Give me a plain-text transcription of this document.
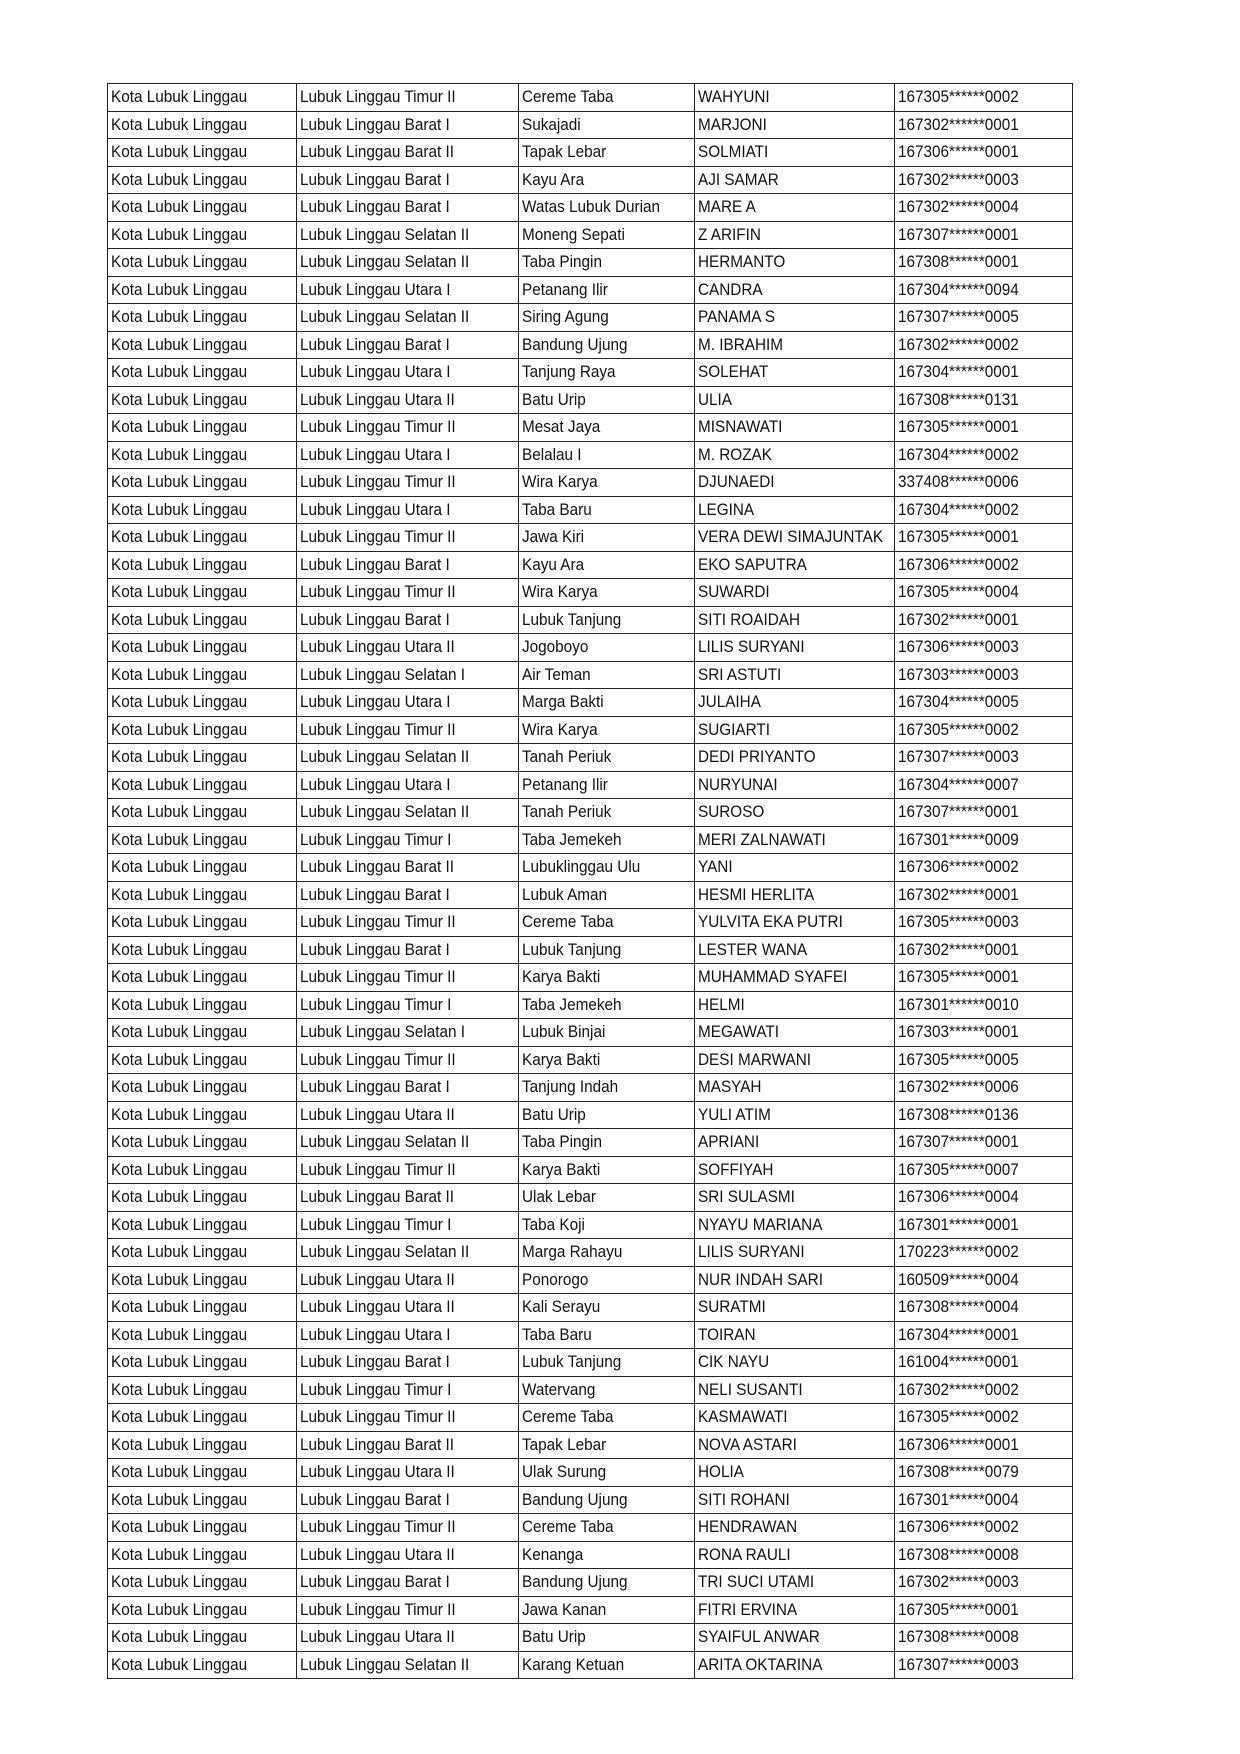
Kota Lubuk Linggau	Lubuk Linggau Timur II	Cereme Taba	WAHYUNI	167305******0002
Kota Lubuk Linggau	Lubuk Linggau Barat I	Sukajadi	MARJONI	167302******0001
Kota Lubuk Linggau	Lubuk Linggau Barat II	Tapak Lebar	SOLMIATI	167306******0001
Kota Lubuk Linggau	Lubuk Linggau Barat I	Kayu Ara	AJI SAMAR	167302******0003
Kota Lubuk Linggau	Lubuk Linggau Barat I	Watas Lubuk Durian	MARE A	167302******0004
Kota Lubuk Linggau	Lubuk Linggau Selatan II	Moneng Sepati	Z ARIFIN	167307******0001
Kota Lubuk Linggau	Lubuk Linggau Selatan II	Taba Pingin	HERMANTO	167308******0001
Kota Lubuk Linggau	Lubuk Linggau Utara I	Petanang Ilir	CANDRA	167304******0094
Kota Lubuk Linggau	Lubuk Linggau Selatan II	Siring Agung	PANAMA S	167307******0005
Kota Lubuk Linggau	Lubuk Linggau Barat I	Bandung Ujung	M. IBRAHIM	167302******0002
Kota Lubuk Linggau	Lubuk Linggau Utara I	Tanjung Raya	SOLEHAT	167304******0001
Kota Lubuk Linggau	Lubuk Linggau Utara II	Batu Urip	ULIA	167308******0131
Kota Lubuk Linggau	Lubuk Linggau Timur II	Mesat Jaya	MISNAWATI	167305******0001
Kota Lubuk Linggau	Lubuk Linggau Utara I	Belalau I	M. ROZAK	167304******0002
Kota Lubuk Linggau	Lubuk Linggau Timur II	Wira Karya	DJUNAEDI	337408******0006
Kota Lubuk Linggau	Lubuk Linggau Utara I	Taba Baru	LEGINA	167304******0002
Kota Lubuk Linggau	Lubuk Linggau Timur II	Jawa Kiri	VERA DEWI SIMAJUNTAK	167305******0001
Kota Lubuk Linggau	Lubuk Linggau Barat I	Kayu Ara	EKO SAPUTRA	167306******0002
Kota Lubuk Linggau	Lubuk Linggau Timur II	Wira Karya	SUWARDI	167305******0004
Kota Lubuk Linggau	Lubuk Linggau Barat I	Lubuk Tanjung	SITI ROAIDAH	167302******0001
Kota Lubuk Linggau	Lubuk Linggau Utara II	Jogoboyo	LILIS SURYANI	167306******0003
Kota Lubuk Linggau	Lubuk Linggau Selatan I	Air Teman	SRI ASTUTI	167303******0003
Kota Lubuk Linggau	Lubuk Linggau Utara I	Marga Bakti	JULAIHA	167304******0005
Kota Lubuk Linggau	Lubuk Linggau Timur II	Wira Karya	SUGIARTI	167305******0002
Kota Lubuk Linggau	Lubuk Linggau Selatan II	Tanah Periuk	DEDI PRIYANTO	167307******0003
Kota Lubuk Linggau	Lubuk Linggau Utara I	Petanang Ilir	NURYUNAI	167304******0007
Kota Lubuk Linggau	Lubuk Linggau Selatan II	Tanah Periuk	SUROSO	167307******0001
Kota Lubuk Linggau	Lubuk Linggau Timur I	Taba Jemekeh	MERI ZALNAWATI	167301******0009
Kota Lubuk Linggau	Lubuk Linggau Barat II	Lubuklinggau Ulu	YANI	167306******0002
Kota Lubuk Linggau	Lubuk Linggau Barat I	Lubuk Aman	HESMI HERLITA	167302******0001
Kota Lubuk Linggau	Lubuk Linggau Timur II	Cereme Taba	YULVITA EKA PUTRI	167305******0003
Kota Lubuk Linggau	Lubuk Linggau Barat I	Lubuk Tanjung	LESTER WANA	167302******0001
Kota Lubuk Linggau	Lubuk Linggau Timur II	Karya Bakti	MUHAMMAD SYAFEI	167305******0001
Kota Lubuk Linggau	Lubuk Linggau Timur I	Taba Jemekeh	HELMI	167301******0010
Kota Lubuk Linggau	Lubuk Linggau Selatan I	Lubuk Binjai	MEGAWATI	167303******0001
Kota Lubuk Linggau	Lubuk Linggau Timur II	Karya Bakti	DESI MARWANI	167305******0005
Kota Lubuk Linggau	Lubuk Linggau Barat I	Tanjung Indah	MASYAH	167302******0006
Kota Lubuk Linggau	Lubuk Linggau Utara II	Batu Urip	YULI ATIM	167308******0136
Kota Lubuk Linggau	Lubuk Linggau Selatan II	Taba Pingin	APRIANI	167307******0001
Kota Lubuk Linggau	Lubuk Linggau Timur II	Karya Bakti	SOFFIYAH	167305******0007
Kota Lubuk Linggau	Lubuk Linggau Barat II	Ulak Lebar	SRI SULASMI	167306******0004
Kota Lubuk Linggau	Lubuk Linggau Timur I	Taba Koji	NYAYU MARIANA	167301******0001
Kota Lubuk Linggau	Lubuk Linggau Selatan II	Marga Rahayu	LILIS SURYANI	170223******0002
Kota Lubuk Linggau	Lubuk Linggau Utara II	Ponorogo	NUR INDAH SARI	160509******0004
Kota Lubuk Linggau	Lubuk Linggau Utara II	Kali Serayu	SURATMI	167308******0004
Kota Lubuk Linggau	Lubuk Linggau Utara I	Taba Baru	TOIRAN	167304******0001
Kota Lubuk Linggau	Lubuk Linggau Barat I	Lubuk Tanjung	CIK NAYU	161004******0001
Kota Lubuk Linggau	Lubuk Linggau Timur I	Watervang	NELI SUSANTI	167302******0002
Kota Lubuk Linggau	Lubuk Linggau Timur II	Cereme Taba	KASMAWATI	167305******0002
Kota Lubuk Linggau	Lubuk Linggau Barat II	Tapak Lebar	NOVA ASTARI	167306******0001
Kota Lubuk Linggau	Lubuk Linggau Utara II	Ulak Surung	HOLIA	167308******0079
Kota Lubuk Linggau	Lubuk Linggau Barat I	Bandung Ujung	SITI ROHANI	167301******0004
Kota Lubuk Linggau	Lubuk Linggau Timur II	Cereme Taba	HENDRAWAN	167306******0002
Kota Lubuk Linggau	Lubuk Linggau Utara II	Kenanga	RONA RAULI	167308******0008
Kota Lubuk Linggau	Lubuk Linggau Barat I	Bandung Ujung	TRI SUCI UTAMI	167302******0003
Kota Lubuk Linggau	Lubuk Linggau Timur II	Jawa Kanan	FITRI ERVINA	167305******0001
Kota Lubuk Linggau	Lubuk Linggau Utara II	Batu Urip	SYAIFUL ANWAR	167308******0008
Kota Lubuk Linggau	Lubuk Linggau Selatan II	Karang Ketuan	ARITA OKTARINA	167307******0003
